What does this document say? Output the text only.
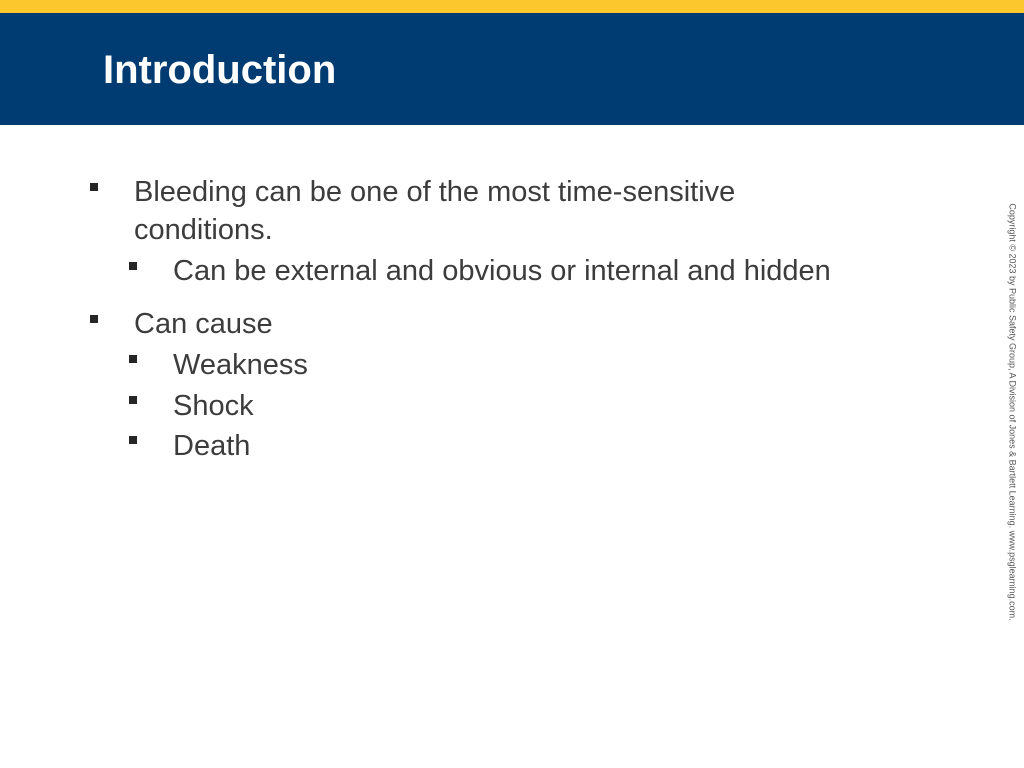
Introduction
Bleeding can be one of the most time-sensitive
conditions.
Can be external and obvious or internal and hidden
Can cause
Weakness
Shock
Death	Copyright © 2023 by Public Safety Group, A Division of Jones & Bartlett Learning. www.psglearning.com.
